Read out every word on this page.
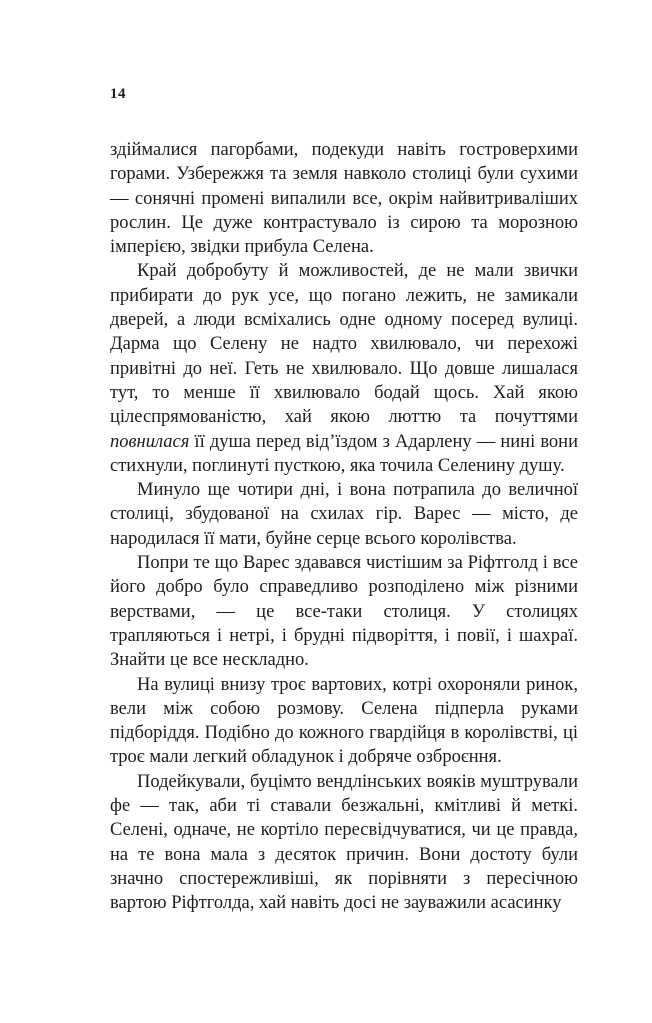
14

здіймалися пагорбами, подекуди навіть гостроверхими горами. Узбережжя та земля навколо столиці були сухими — сонячні промені випалили все, окрім найвитриваліших рослин. Це дуже контрастувало із сирою та морозною імперією, звідки прибула Селена.

Край добробуту й можливостей, де не мали звички прибирати до рук усе, що погано лежить, не замикали дверей, а люди всміхались одне одному посеред вулиці. Дарма що Селену не надто хвилювало, чи перехожі привітні до неї. Геть не хвилювало. Що довше лишалася тут, то менше її хвилювало бодай щось. Хай якою цілеспрямованістю, хай якою люттю та почуттями повнилася її душа перед від’їздом з Адарлену — нині вони стихнули, поглинуті пусткою, яка точила Селенину душу.

Минуло ще чотири дні, і вона потрапила до величної столиці, збудованої на схилах гір. Варес — місто, де народилася її мати, буйне серце всього королівства.

Попри те що Варес здавався чистішим за Ріфтголд і все його добро було справедливо розподілено між різними верствами, — це все-таки столиця. У столицях трапляються і нетрі, і брудні підворіття, і повії, і шахраї. Знайти це все нескладно.

На вулиці внизу троє вартових, котрі охороняли ринок, вели між собою розмову. Селена підперла руками підборіддя. Подібно до кожного гвардійця в королівстві, ці троє мали легкий обладунок і добряче озброєння.

Подейкували, буцімто вендлінських вояків муштрували фе — так, аби ті ставали безжальні, кмітливі й меткі. Селені, одначе, не кортіло пересвідчуватися, чи це правда, на те вона мала з десяток причин. Вони достоту були значно спостережливіші, як порівняти з пересічною вартою Ріфтголда, хай навіть досі не зауважили асасинку
